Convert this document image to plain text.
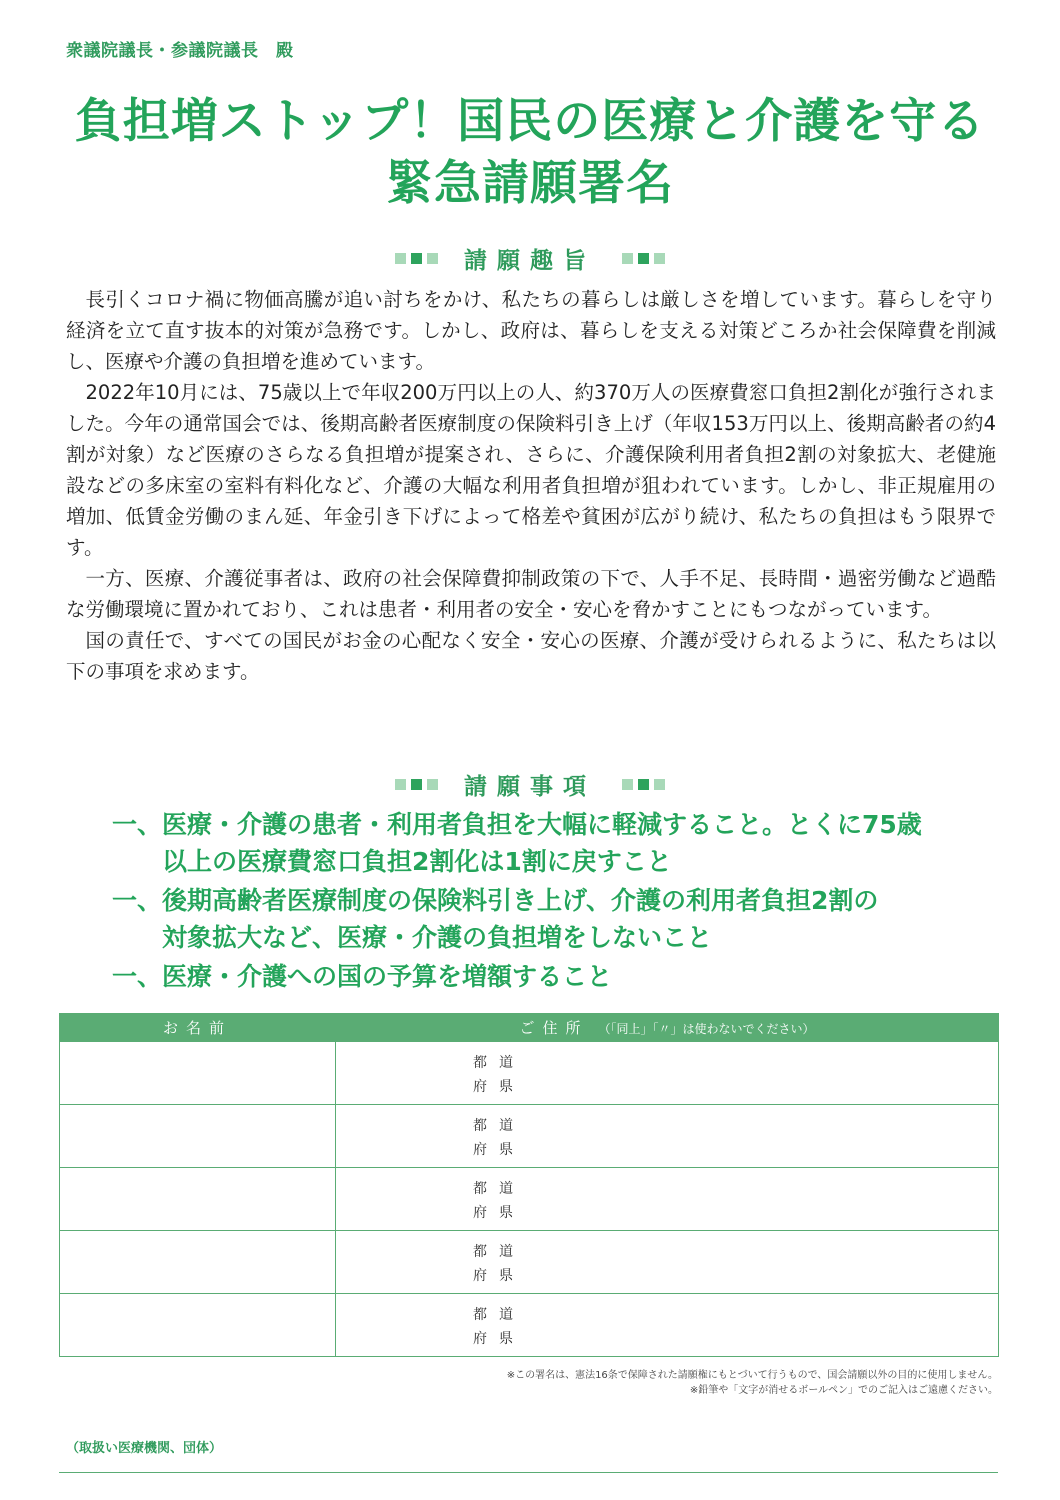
衆議院議長・参議院議長　殿
負担増ストップ！国民の医療と介護を守る
緊急請願署名
請願趣旨

長引くコロナ禍に物価高騰が追い討ちをかけ、私たちの暮らしは厳しさを増しています。暮らしを守り経済を立て直す抜本的対策が急務です。しかし、政府は、暮らしを支える対策どころか社会保障費を削減し、医療や介護の負担増を進めています。

2022年10月には、75歳以上で年収200万円以上の人、約370万人の医療費窓口負担2割化が強行されました。今年の通常国会では、後期高齢者医療制度の保険料引き上げ（年収153万円以上、後期高齢者の約4割が対象）など医療のさらなる負担増が提案され、さらに、介護保険利用者負担2割の対象拡大、老健施設などの多床室の室料有料化など、介護の大幅な利用者負担増が狙われています。しかし、非正規雇用の増加、低賃金労働のまん延、年金引き下げによって格差や貧困が広がり続け、私たちの負担はもう限界です。

一方、医療、介護従事者は、政府の社会保障費抑制政策の下で、人手不足、長時間・過密労働など過酷な労働環境に置かれており、これは患者・利用者の安全・安心を脅かすことにもつながっています。

国の責任で、すべての国民がお金の心配なく安全・安心の医療、介護が受けられるように、私たちは以下の事項を求めます。

請願事項
一、 医療・介護の患者・利用者負担を大幅に軽減すること。とくに75歳
以上の医療費窓口負担2割化は1割に戻すこと
一、 後期高齢者医療制度の保険料引き上げ、介護の利用者負担2割の
対象拡大など、医療・介護の負担増をしないこと
一、 医療・介護への国の予算を増額すること
お名前	ご住所 （「同上」「〃」は使わないでください）

	都道
府県

	都道
府県

	都道
府県

	都道
府県

	都道
府県
※この署名は、憲法16条で保障された請願権にもとづいて行うもので、国会請願以外の目的に使用しません。
※鉛筆や「文字が消せるボールペン」でのご記入はご遠慮ください。
（取扱い医療機関、団体）
